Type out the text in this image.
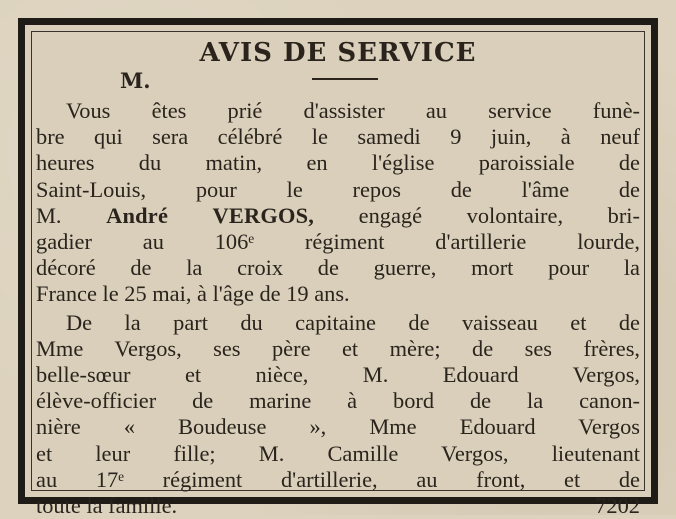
AVIS DE SERVICE
M.
Vous êtes prié d'assister au service funè-
bre qui sera célébré le samedi 9 juin, à neuf
heures du matin, en l'église paroissiale de
Saint-Louis, pour le repos de l'âme de
M. André VERGOS, engagé volontaire, bri-
gadier au 106ᵉ régiment d'artillerie lourde,
décoré de la croix de guerre, mort pour la
France le 25 mai, à l'âge de 19 ans.
De la part du capitaine de vaisseau et de
Mme Vergos, ses père et mère; de ses frères,
belle-sœur et nièce, M. Edouard Vergos,
élève-officier de marine à bord de la canon-
nière « Boudeuse », Mme Edouard Vergos
et leur fille; M. Camille Vergos, lieutenant
au 17ᵉ régiment d'artillerie, au front, et de
toute la famille.	7202
